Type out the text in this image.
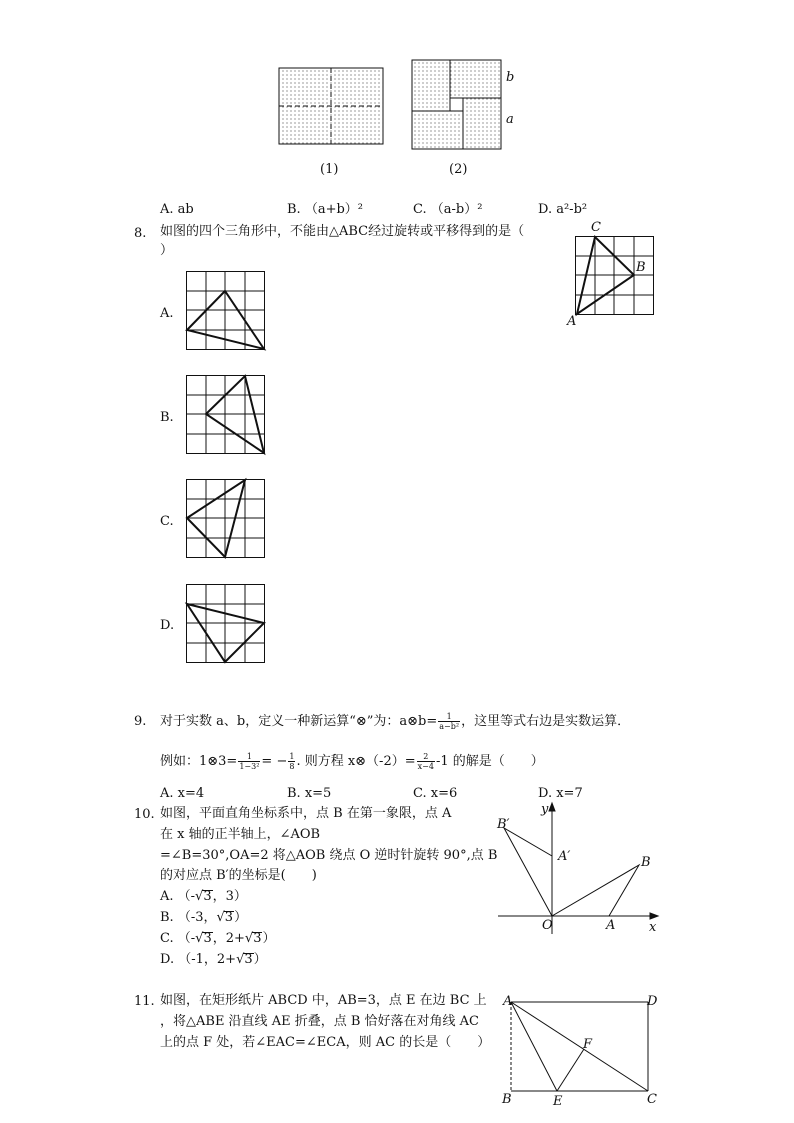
(1)	(2)
b
a
A. ab	B. （a+b）²	C. （a-b）²	D. a²-b²
8. 如图的四个三角形中，不能由△ABC经过旋转或平移得到的是（
）
C
B
A
A.
B.
C.
D.
9. 对于实数 a、b，定义一种新运算“⊗”为：a⊗b= $\frac{1}{\text{a−b²}}$ ，这里等式右边是实数运算．
例如：1⊗3= $\frac{1}{\text{1−3²}}$ = − $\frac{1}{8}$ . 则方程 x⊗（-2）= $\frac{2}{x-4} -1$ 的解是（　　）
A. x=4	B. x=5	C. x=6	D. x=7
10. 如图，平面直角坐标系中，点 B 在第一象限，点 A
在 x 轴的正半轴上，∠AOB
=∠B=30°,OA=2 将△AOB 绕点 O 逆时针旋转 90°,点 B
的对应点 B′的坐标是(　　)
A. （-√3，3）
B. （-3，√3）
C. （-√3，2+√3）
D. （-1，2+√3）
y
x
O	A
B
A′
B′
11. 如图，在矩形纸片 ABCD 中，AB=3，点 E 在边 BC 上
，将△ABE 沿直线 AE 折叠，点 B 恰好落在对角线 AC
上的点 F 处，若∠EAC=∠ECA，则 AC 的长是（　　）
A	D
F
B	E	C
